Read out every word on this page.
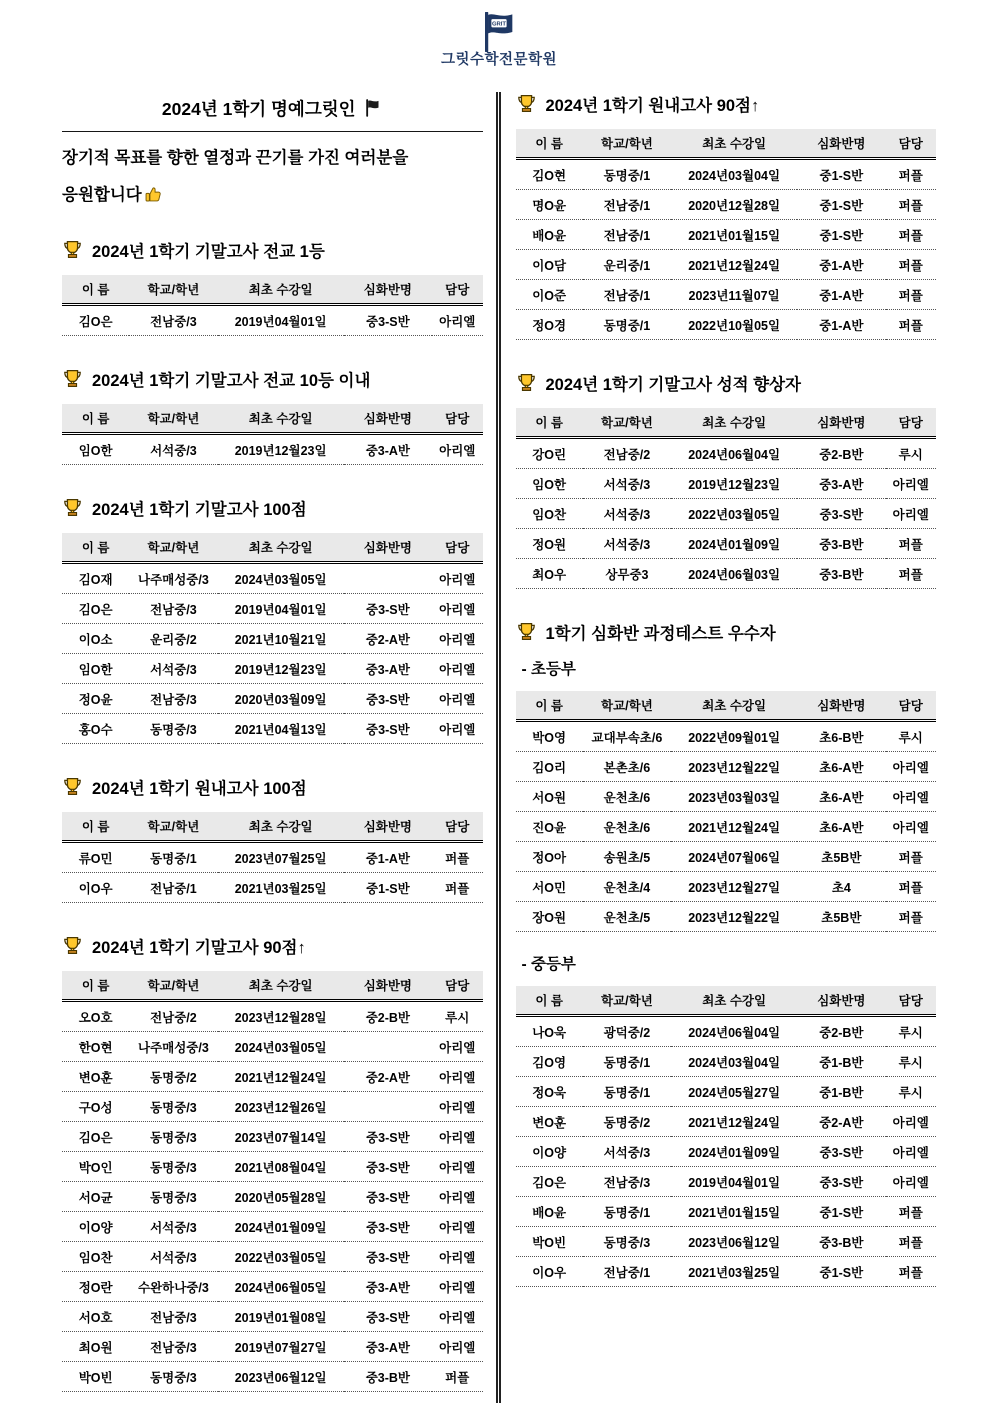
GRIT
그릿수학전문학원
2024년 1학기 명예그릿인

장기적 목표를 향한 열정과 끈기를 가진 여러분을
응원합니다

2024년 1학기 기말고사 전교 1등
이 름	학교/학년	최초 수강일	심화반명	담당
김O은	전남중/3	2019년04월01일	중3-S반	아리엘
2024년 1학기 기말고사 전교 10등 이내
이 름	학교/학년	최초 수강일	심화반명	담당
임O한	서석중/3	2019년12월23일	중3-A반	아리엘
2024년 1학기 기말고사 100점
이 름	학교/학년	최초 수강일	심화반명	담당
김O재	나주매성중/3	2024년03월05일		아리엘
김O은	전남중/3	2019년04월01일	중3-S반	아리엘
이O소	운리중/2	2021년10월21일	중2-A반	아리엘
임O한	서석중/3	2019년12월23일	중3-A반	아리엘
정O윤	전남중/3	2020년03월09일	중3-S반	아리엘
홍O수	동명중/3	2021년04월13일	중3-S반	아리엘
2024년 1학기 원내고사 100점
이 름	학교/학년	최초 수강일	심화반명	담당
류O민	동명중/1	2023년07월25일	중1-A반	퍼플
이O우	전남중/1	2021년03월25일	중1-S반	퍼플
2024년 1학기 기말고사 90점↑
이 름	학교/학년	최초 수강일	심화반명	담당
오O호	전남중/2	2023년12월28일	중2-B반	루시
한O현	나주매성중/3	2024년03월05일		아리엘
변O훈	동명중/2	2021년12월24일	중2-A반	아리엘
구O성	동명중/3	2023년12월26일		아리엘
김O은	동명중/3	2023년07월14일	중3-S반	아리엘
박O인	동명중/3	2021년08월04일	중3-S반	아리엘
서O균	동명중/3	2020년05월28일	중3-S반	아리엘
이O양	서석중/3	2024년01월09일	중3-S반	아리엘
임O찬	서석중/3	2022년03월05일	중3-S반	아리엘
정O란	수완하나중/3	2024년06월05일	중3-A반	아리엘
서O호	전남중/3	2019년01월08일	중3-S반	아리엘
최O원	전남중/3	2019년07월27일	중3-A반	아리엘
박O빈	동명중/3	2023년06월12일	중3-B반	퍼플
2024년 1학기 원내고사 90점↑
이 름	학교/학년	최초 수강일	심화반명	담당
김O현	동명중/1	2024년03월04일	중1-S반	퍼플
명O윤	전남중/1	2020년12월28일	중1-S반	퍼플
배O윤	전남중/1	2021년01월15일	중1-S반	퍼플
이O담	운리중/1	2021년12월24일	중1-A반	퍼플
이O준	전남중/1	2023년11월07일	중1-A반	퍼플
정O경	동명중/1	2022년10월05일	중1-A반	퍼플
2024년 1학기 기말고사 성적 향상자
이 름	학교/학년	최초 수강일	심화반명	담당
강O린	전남중/2	2024년06월04일	중2-B반	루시
임O한	서석중/3	2019년12월23일	중3-A반	아리엘
임O찬	서석중/3	2022년03월05일	중3-S반	아리엘
정O원	서석중/3	2024년01월09일	중3-B반	퍼플
최O우	상무중3	2024년06월03일	중3-B반	퍼플
1학기 심화반 과정테스트 우수자
- 초등부
이 름	학교/학년	최초 수강일	심화반명	담당
박O영	교대부속초/6	2022년09월01일	초6-B반	루시
김O리	본촌초/6	2023년12월22일	초6-A반	아리엘
서O원	운천초/6	2023년03월03일	초6-A반	아리엘
진O윤	운천초/6	2021년12월24일	초6-A반	아리엘
정O아	송원초/5	2024년07월06일	초5B반	퍼플
서O민	운천초/4	2023년12월27일	초4	퍼플
장O원	운천초/5	2023년12월22일	초5B반	퍼플
- 중등부
이 름	학교/학년	최초 수강일	심화반명	담당
나O욱	광덕중/2	2024년06월04일	중2-B반	루시
김O영	동명중/1	2024년03월04일	중1-B반	루시
정O욱	동명중/1	2024년05월27일	중1-B반	루시
변O훈	동명중/2	2021년12월24일	중2-A반	아리엘
이O양	서석중/3	2024년01월09일	중3-S반	아리엘
김O은	전남중/3	2019년04월01일	중3-S반	아리엘
배O윤	동명중/1	2021년01월15일	중1-S반	퍼플
박O빈	동명중/3	2023년06월12일	중3-B반	퍼플
이O우	전남중/1	2021년03월25일	중1-S반	퍼플
